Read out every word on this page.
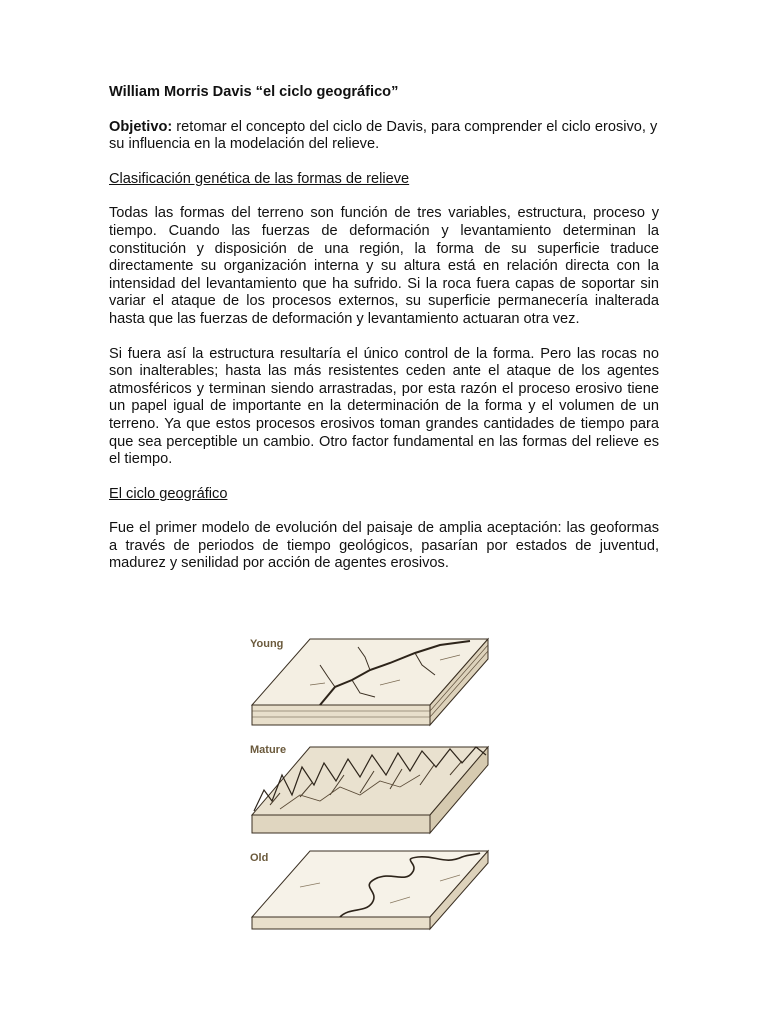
William Morris Davis “el ciclo geográfico”
Objetivo: retomar el concepto del ciclo de Davis, para comprender el ciclo erosivo, y su influencia en la modelación del relieve.
Clasificación genética de las formas de relieve
Todas las formas del terreno son función de tres variables, estructura, proceso y tiempo. Cuando las fuerzas de deformación y levantamiento determinan la constitución y disposición de una región, la forma de su superficie traduce directamente su organización interna y su altura está en relación directa con la intensidad del levantamiento que ha sufrido. Si la roca fuera capas de soportar sin variar el ataque de los procesos externos, su superficie permanecería inalterada hasta que las fuerzas de deformación y levantamiento actuaran otra vez.
Si fuera así la estructura resultaría el único control de la forma. Pero las rocas no son inalterables; hasta las más resistentes ceden ante el ataque de los agentes atmosféricos y terminan siendo arrastradas, por esta razón el proceso erosivo tiene un papel igual de importante en la determinación de la forma y el volumen de un terreno. Ya que estos procesos erosivos toman grandes cantidades de tiempo para que sea perceptible un cambio. Otro factor fundamental en las formas del relieve es el tiempo.
El ciclo geográfico
Fue el primer modelo de evolución del paisaje de amplia aceptación: las geoformas a través de periodos de tiempo geológicos, pasarían por estados de juventud, madurez y senilidad por acción de agentes erosivos.
Young
Mature
Old
